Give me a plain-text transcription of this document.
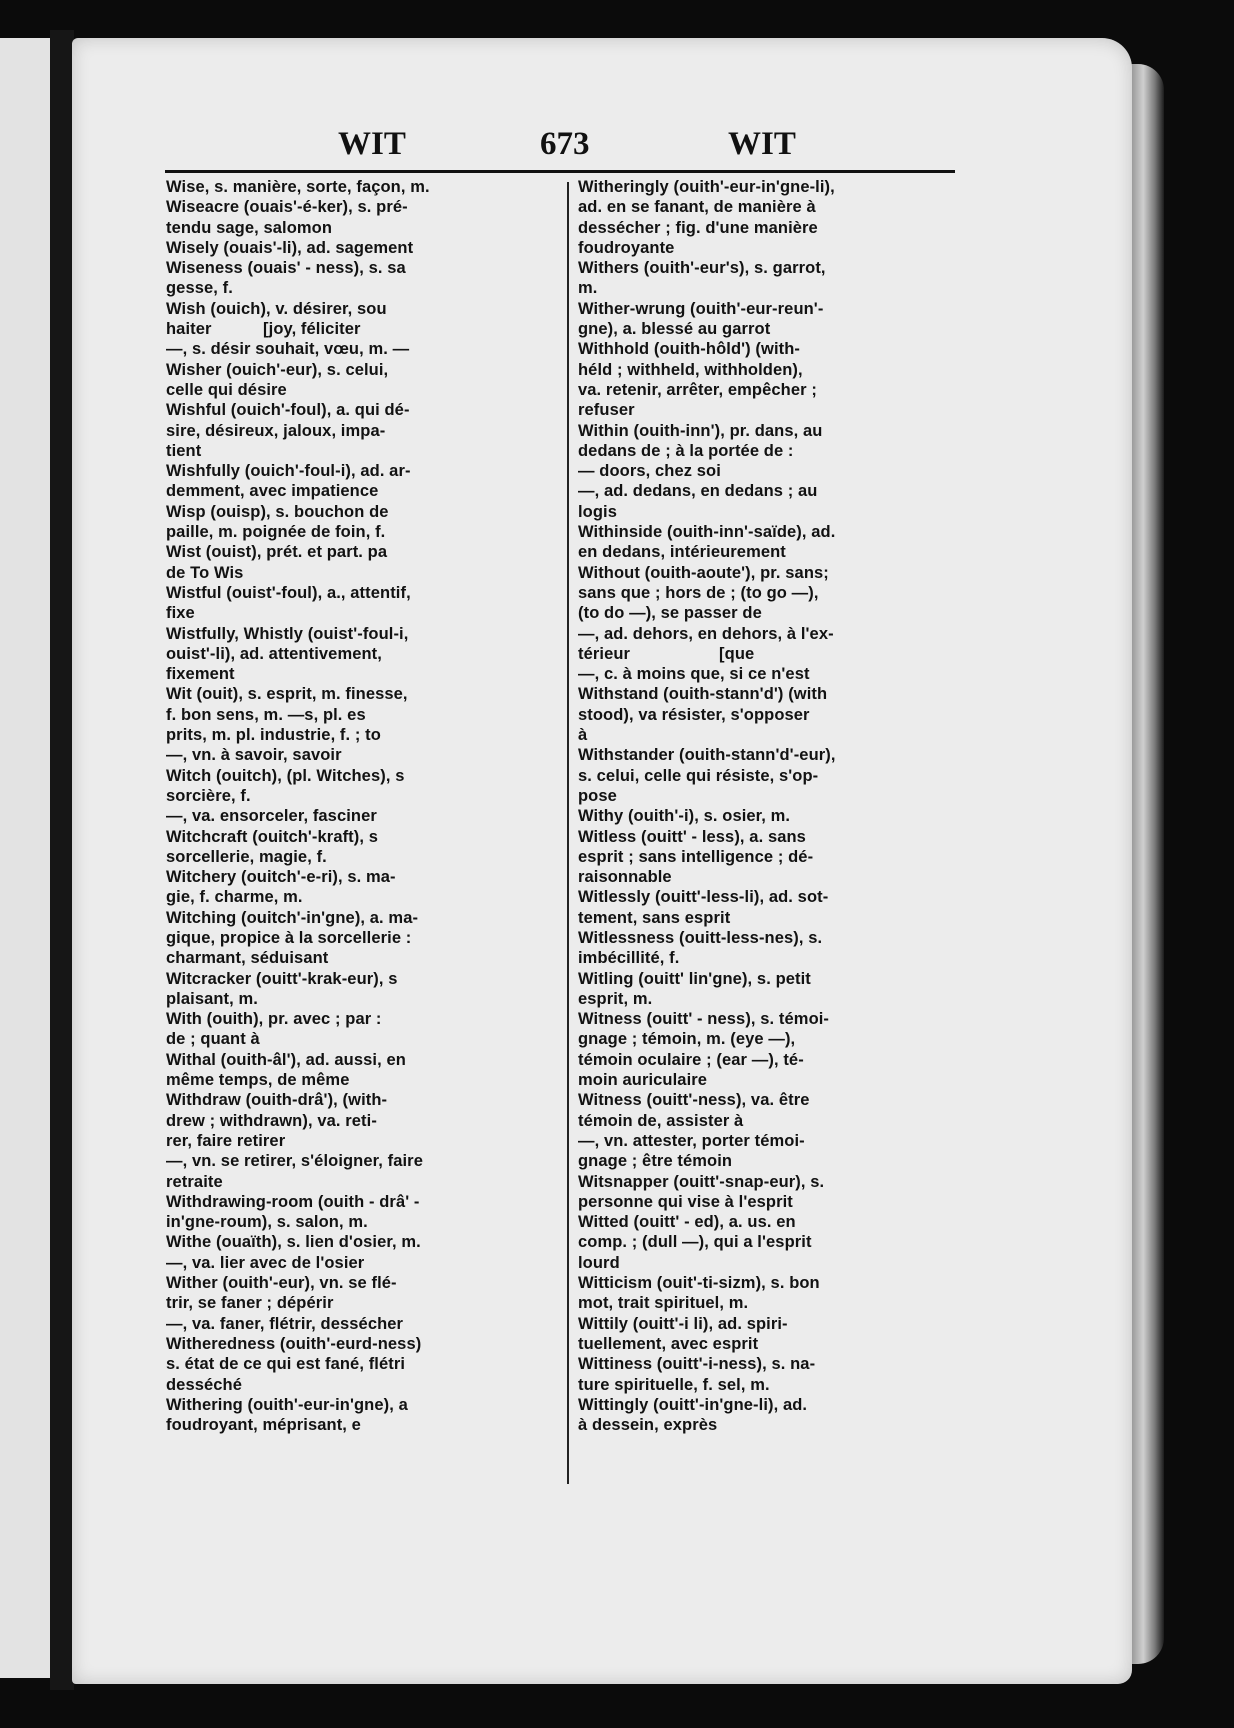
WIT	673	WIT
Wise, s. manière, sorte, façon, m.
Wiseacre (ouais'-é-ker), s. pré-
tendu sage, salomon
Wisely (ouais'-li), ad. sagement
Wiseness (ouais' - ness), s. sa
gesse, f.
Wish (ouich), v. désirer, sou
haiter           [joy, féliciter
—, s. désir souhait, vœu, m. —
Wisher (ouich'-eur), s. celui,
celle qui désire
Wishful (ouich'-foul), a. qui dé-
sire, désireux, jaloux, impa-
tient
Wishfully (ouich'-foul-i), ad. ar-
demment, avec impatience
Wisp (ouisp), s. bouchon de
paille, m. poignée de foin, f.
Wist (ouist), prét. et part. pa
de To Wis
Wistful (ouist'-foul), a., attentif,
fixe
Wistfully, Whistly (ouist'-foul-i,
ouist'-li), ad. attentivement,
fixement
Wit (ouit), s. esprit, m. finesse,
f. bon sens, m. —s, pl. es
prits, m. pl. industrie, f. ; to
—, vn. à savoir, savoir
Witch (ouitch), (pl. Witches), s
sorcière, f.
—, va. ensorceler, fasciner
Witchcraft (ouitch'-kraft), s
sorcellerie, magie, f.
Witchery (ouitch'-e-ri), s. ma-
gie, f. charme, m.
Witching (ouitch'-in'gne), a. ma-
gique, propice à la sorcellerie :
charmant, séduisant
Witcracker (ouitt'-krak-eur), s
plaisant, m.
With (ouith), pr. avec ; par :
de ; quant à
Withal (ouith-âl'), ad. aussi, en
même temps, de même
Withdraw (ouith-drâ'), (with-
drew ; withdrawn), va. reti-
rer, faire retirer
—, vn. se retirer, s'éloigner, faire
retraite
Withdrawing-room (ouith - drâ' -
in'gne-roum), s. salon, m.
Withe (ouaïth), s. lien d'osier, m.
—, va. lier avec de l'osier
Wither (ouith'-eur), vn. se flé-
trir, se faner ; dépérir
—, va. faner, flétrir, dessécher
Witheredness (ouith'-eurd-ness)
s. état de ce qui est fané, flétri
desséché
Withering (ouith'-eur-in'gne), a
foudroyant, méprisant, e
Witheringly (ouith'-eur-in'gne-li),
ad. en se fanant, de manière à
dessécher ; fig. d'une manière
foudroyante
Withers (ouith'-eur's), s. garrot,
m.
Wither-wrung (ouith'-eur-reun'-
gne), a. blessé au garrot
Withhold (ouith-hôld') (with-
héld ; withheld, withholden),
va. retenir, arrêter, empêcher ;
refuser
Within (ouith-inn'), pr. dans, au
dedans de ; à la portée de :
— doors, chez soi
—, ad. dedans, en dedans ; au
logis
Withinside (ouith-inn'-saïde), ad.
en dedans, intérieurement
Without (ouith-aoute'), pr. sans;
sans que ; hors de ; (to go —),
(to do —), se passer de
—, ad. dehors, en dehors, à l'ex-
térieur                   [que
—, c. à moins que, si ce n'est
Withstand (ouith-stann'd') (with
stood), va résister, s'opposer
à
Withstander (ouith-stann'd'-eur),
s. celui, celle qui résiste, s'op-
pose
Withy (ouith'-i), s. osier, m.
Witless (ouitt' - less), a. sans
esprit ; sans intelligence ; dé-
raisonnable
Witlessly (ouitt'-less-li), ad. sot-
tement, sans esprit
Witlessness (ouitt-less-nes), s.
imbécillité, f.
Witling (ouitt' lin'gne), s. petit
esprit, m.
Witness (ouitt' - ness), s. témoi-
gnage ; témoin, m. (eye —),
témoin oculaire ; (ear —), té-
moin auriculaire
Witness (ouitt'-ness), va. être
témoin de, assister à
—, vn. attester, porter témoi-
gnage ; être témoin
Witsnapper (ouitt'-snap-eur), s.
personne qui vise à l'esprit
Witted (ouitt' - ed), a. us. en
comp. ; (dull —), qui a l'esprit
lourd
Witticism (ouit'-ti-sizm), s. bon
mot, trait spirituel, m.
Wittily (ouitt'-i li), ad. spiri-
tuellement, avec esprit
Wittiness (ouitt'-i-ness), s. na-
ture spirituelle, f. sel, m.
Wittingly (ouitt'-in'gne-li), ad.
à dessein, exprès
